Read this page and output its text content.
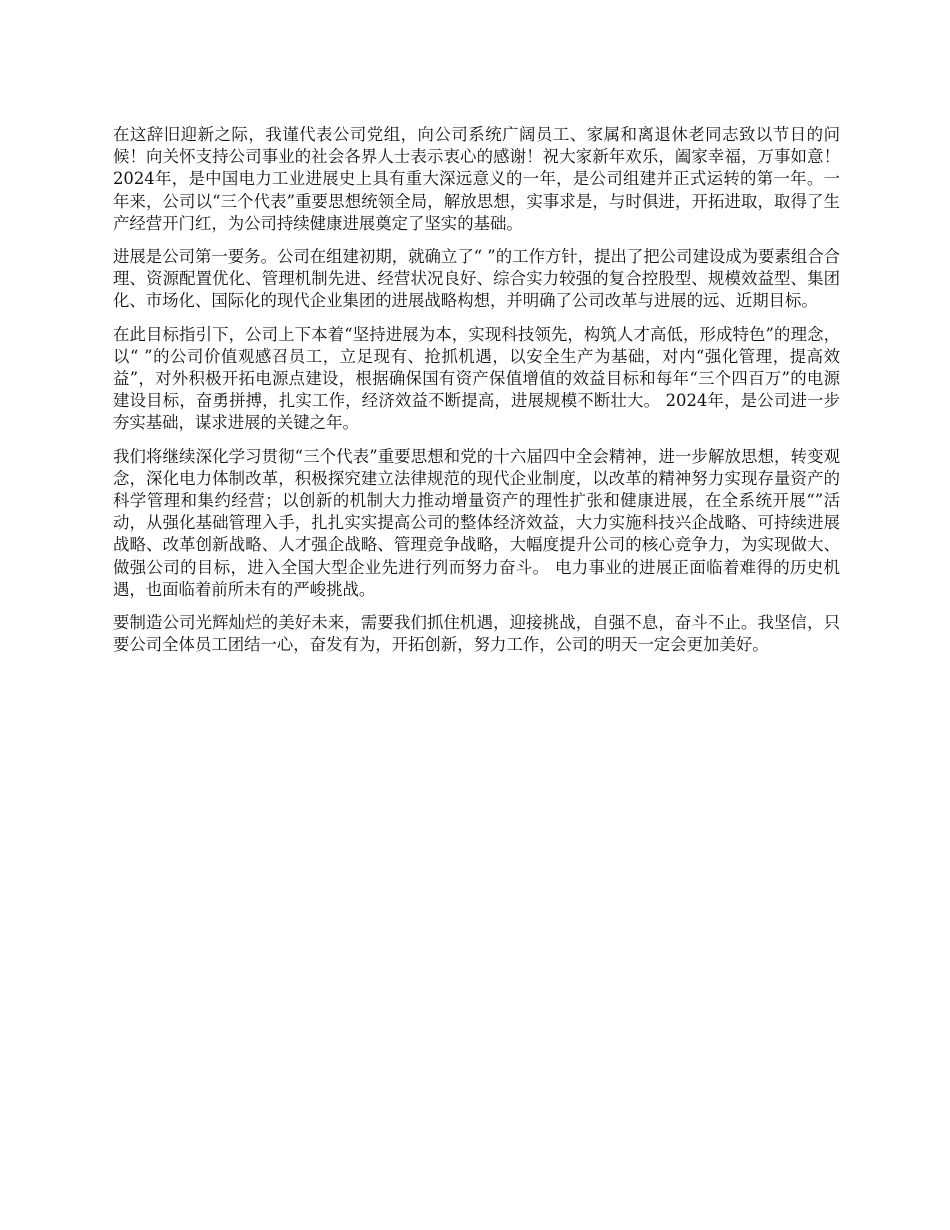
在这辞旧迎新之际，我谨代表公司党组，向公司系统广阔员工、家属和离退休老同志致以节日的问候！向关怀支持公司事业的社会各界人士表示衷心的感谢！祝大家新年欢乐，阖家幸福，万事如意！ 2024年，是中国电力工业进展史上具有重大深远意义的一年，是公司组建并正式运转的第一年。一年来，公司以“三个代表”重要思想统领全局，解放思想，实事求是，与时俱进，开拓进取，取得了生产经营开门红，为公司持续健康进展奠定了坚实的基础。

进展是公司第一要务。公司在组建初期，就确立了“ ”的工作方针，提出了把公司建设成为要素组合合理、资源配置优化、管理机制先进、经营状况良好、综合实力较强的复合控股型、规模效益型、集团化、市场化、国际化的现代企业集团的进展战略构想，并明确了公司改革与进展的远、近期目标。

在此目标指引下，公司上下本着“坚持进展为本，实现科技领先，构筑人才高低，形成特色”的理念，以“ ”的公司价值观感召员工，立足现有、抢抓机遇，以安全生产为基础，对内“强化管理，提高效益”，对外积极开拓电源点建设，根据确保国有资产保值增值的效益目标和每年“三个四百万”的电源建设目标，奋勇拼搏，扎实工作，经济效益不断提高，进展规模不断壮大。 2024年，是公司进一步夯实基础，谋求进展的关键之年。

我们将继续深化学习贯彻“三个代表”重要思想和党的十六届四中全会精神，进一步解放思想，转变观念，深化电力体制改革，积极探究建立法律规范的现代企业制度，以改革的精神努力实现存量资产的科学管理和集约经营；以创新的机制大力推动增量资产的理性扩张和健康进展，在全系统开展“”活动，从强化基础管理入手，扎扎实实提高公司的整体经济效益，大力实施科技兴企战略、可持续进展战略、改革创新战略、人才强企战略、管理竞争战略，大幅度提升公司的核心竞争力，为实现做大、做强公司的目标，进入全国大型企业先进行列而努力奋斗。 电力事业的进展正面临着难得的历史机遇，也面临着前所未有的严峻挑战。

要制造公司光辉灿烂的美好未来，需要我们抓住机遇，迎接挑战，自强不息，奋斗不止。我坚信，只要公司全体员工团结一心，奋发有为，开拓创新，努力工作，公司的明天一定会更加美好。
